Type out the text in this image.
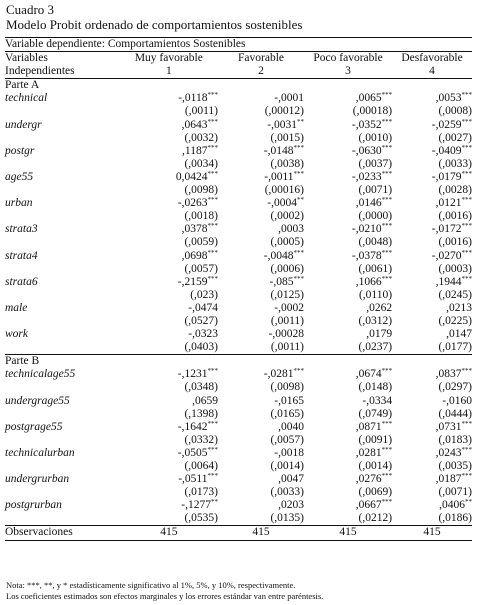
Cuadro 3
Modelo Probit ordenado de comportamientos sostenibles
Variable dependiente: Comportamientos Sostenibles				
Variables	Muy favorable	Favorable	Poco favorable	Desfavorable
Independientes	1	2	3	4
Parte A				
technical	-,0118***	-,0001	,0065***	,0053***
	(,0011)	(,00012)	(,00018)	(,0008)
undergr	,0643***	-,0031**	-,0352***	-,0259***
	(,0032)	(,0015)	(,0010)	(,0027)
postgr	,1187***	-,0148***	-,0630***	-,0409***
	(,0034)	(,0038)	(,0037)	(,0033)
age55	0,0424***	-,0011***	-,0233***	-,0179***
	(,0098)	(,00016)	(,0071)	(,0028)
urban	-,0263***	-,0004**	,0146***	,0121***
	(,0018)	(,0002)	(,0000)	(,0016)
strata3	,0378***	,0003	-,0210***	-,0172***
	(,0059)	(,0005)	(,0048)	(,0016)
strata4	,0698***	-,0048***	-,0378***	-,0270***
	(,0057)	(,0006)	(,0061)	(,0003)
strata6	-,2159***	-,085***	,1066***	,1944***
	(,023)	(,0125)	(,0110)	(,0245)
male	-,0474	-,0002	,0262	,0213
	(,0527)	(,0011)	(,0312)	(,0225)
work	-,0323	-,00028	,0179	,0147
	(,0403)	(,0011)	(,0237)	(,0177)
Parte B				
technicalage55	-,1231***	-,0281***	,0674***	,0837***
	(,0348)	(,0098)	(,0148)	(,0297)
undergrage55	,0659	-,0165	-,0334	-,0160
	(,1398)	(,0165)	(,0749)	(,0444)
postgrage55	-,1642***	,0040	,0871***	,0731***
	(,0332)	(,0057)	(,0091)	(,0183)
technicalurban	-,0505***	-,0018	,0281***	,0243***
	(,0064)	(,0014)	(,0014)	(,0035)
undergrurban	-,0511***	,0047	,0276***	,0187***
	(,0173)	(,0033)	(,0069)	(,0071)
postgrurban	-,1277**	,0203	,0667***	,0406**
	(,0535)	(,0135)	(,0212)	(,0186)
Observaciones	415	415	415	415
Nota: ***, **, y * estadísticamente significativo al 1%, 5%, y 10%, respectivamente.
Los coeficientes estimados son efectos marginales y los errores estándar van entre paréntesis.
